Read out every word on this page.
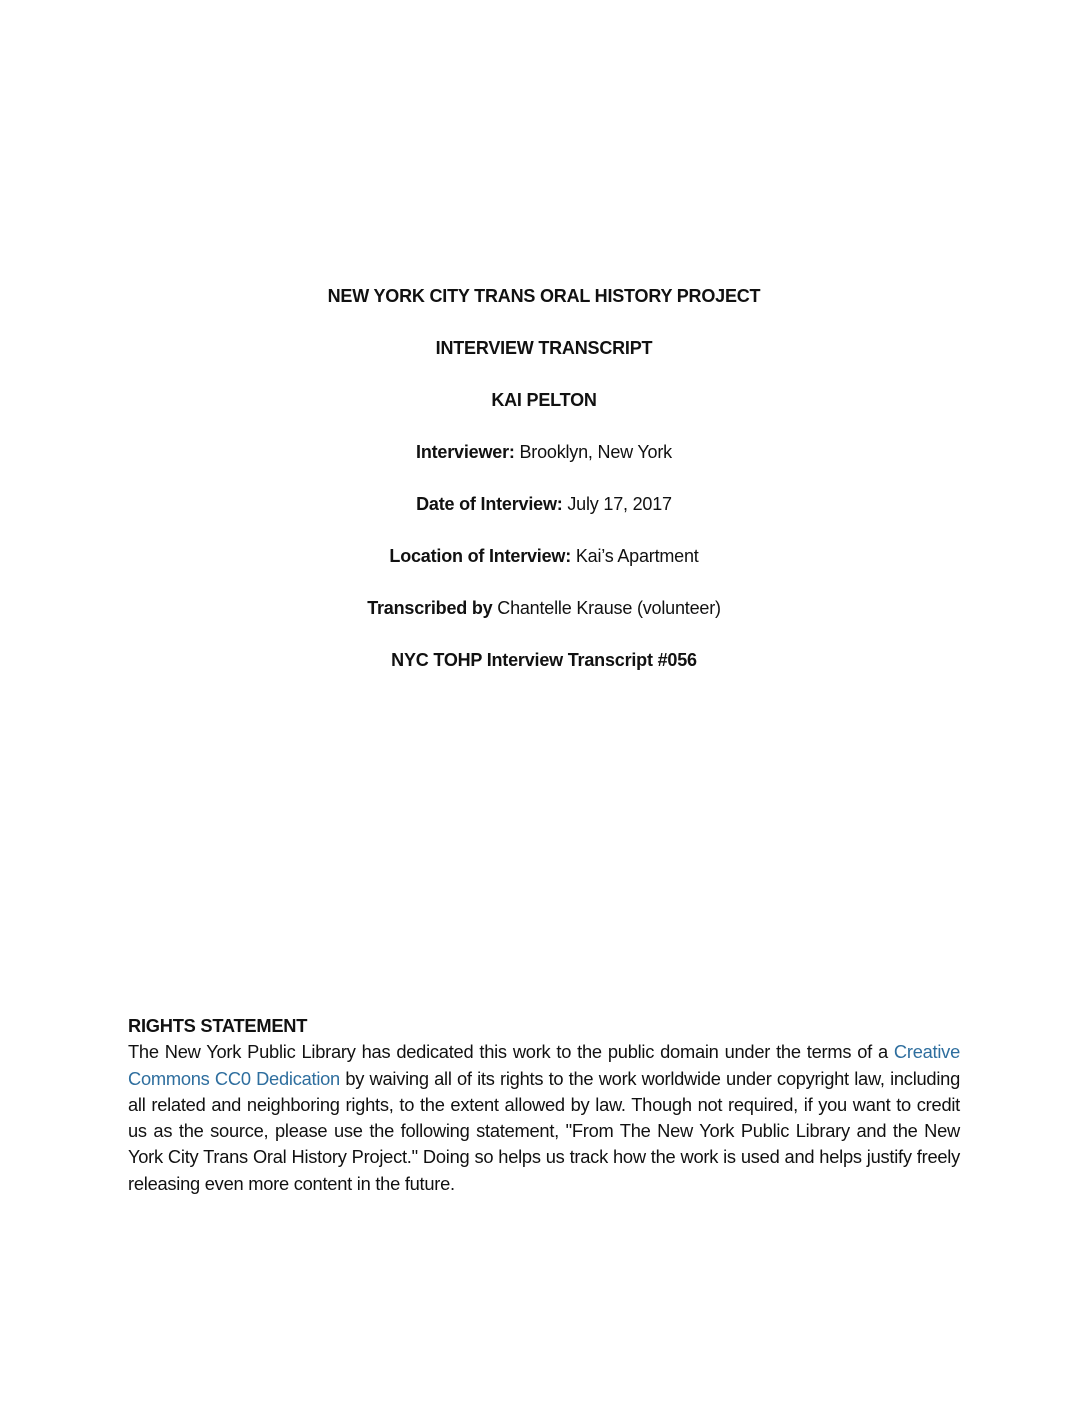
NEW YORK CITY TRANS ORAL HISTORY PROJECT
INTERVIEW TRANSCRIPT
KAI PELTON
Interviewer: Brooklyn, New York
Date of Interview: July 17, 2017
Location of Interview: Kai’s Apartment
Transcribed by Chantelle Krause (volunteer)
NYC TOHP Interview Transcript #056
RIGHTS STATEMENT
The New York Public Library has dedicated this work to the public domain under the terms of a Creative Commons CC0 Dedication by waiving all of its rights to the work worldwide under copyright law, including all related and neighboring rights, to the extent allowed by law. Though not required, if you want to credit us as the source, please use the following statement, "From The New York Public Library and the New York City Trans Oral History Project." Doing so helps us track how the work is used and helps justify freely releasing even more content in the future.
